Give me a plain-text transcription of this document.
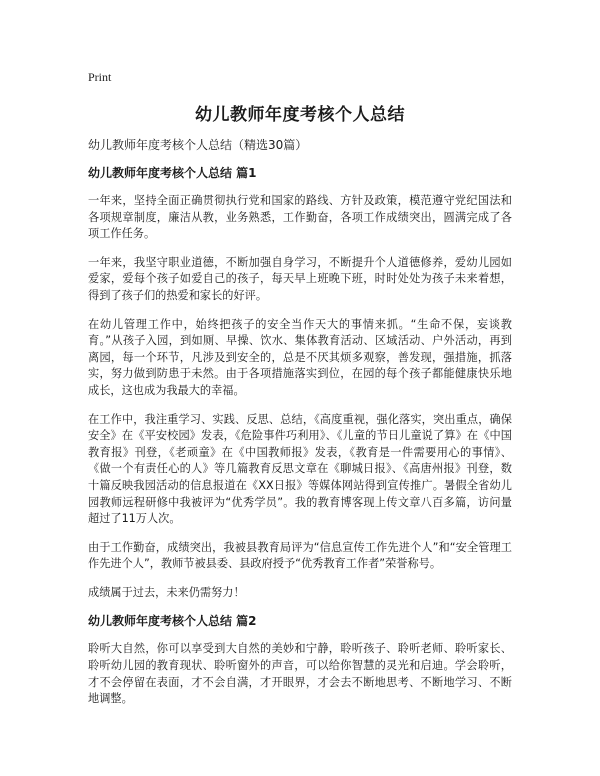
Print
幼儿教师年度考核个人总结
幼儿教师年度考核个人总结（精选30篇）
幼儿教师年度考核个人总结 篇1

一年来，坚持全面正确贯彻执行党和国家的路线、方针及政策，模范遵守党纪国法和各项规章制度，廉洁从教，业务熟悉，工作勤奋，各项工作成绩突出，圆满完成了各项工作任务。

一年来，我坚守职业道德，不断加强自身学习，不断提升个人道德修养，爱幼儿园如爱家，爱每个孩子如爱自己的孩子，每天早上班晚下班，时时处处为孩子未来着想，得到了孩子们的热爱和家长的好评。

在幼儿管理工作中，始终把孩子的安全当作天大的事情来抓。“生命不保，妄谈教育。”从孩子入园，到如厕、早操、饮水、集体教育活动、区域活动、户外活动，再到离园，每一个环节，凡涉及到安全的，总是不厌其烦多观察，善发现，强措施，抓落实，努力做到防患于未然。由于各项措施落实到位，在园的每个孩子都能健康快乐地成长，这也成为我最大的幸福。

在工作中，我注重学习、实践、反思、总结，《高度重视，强化落实，突出重点，确保安全》在《平安校园》发表，《危险事件巧利用》、《儿童的节日儿童说了算》在《中国教育报》刊登，《老顽童》在《中国教师报》发表，《教育是一件需要用心的事情》、《做一个有责任心的人》等几篇教育反思文章在《聊城日报》、《高唐州报》刊登，数十篇反映我园活动的信息报道在《XX日报》等媒体网站得到宣传推广。暑假全省幼儿园教师远程研修中我被评为“优秀学员”。我的教育博客现上传文章八百多篇，访问量超过了11万人次。

由于工作勤奋，成绩突出，我被县教育局评为“信息宣传工作先进个人”和“安全管理工作先进个人”，教师节被县委、县政府授予“优秀教育工作者”荣誉称号。

成绩属于过去，未来仍需努力！

幼儿教师年度考核个人总结 篇2

聆听大自然，你可以享受到大自然的美妙和宁静，聆听孩子、聆听老师、聆听家长、聆听幼儿园的教育现状、聆听窗外的声音，可以给你智慧的灵光和启迪。学会聆听，才不会停留在表面，才不会自满，才开眼界，才会去不断地思考、不断地学习、不断地调整。
